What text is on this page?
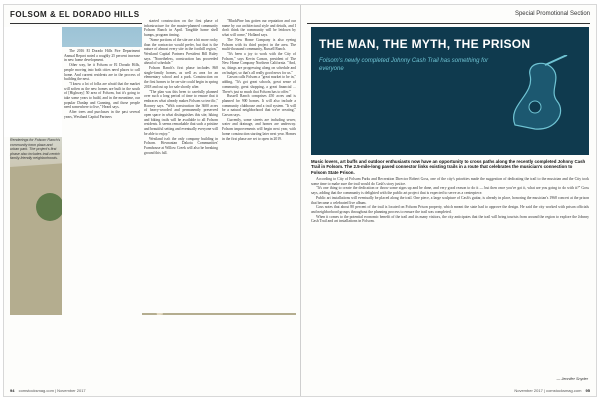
FOLSOM & EL DORADO HILLS
Renderings for Folsom Ranch's community town plaza and urban park. The project's first phase also includes trail-centric family-friendly neighborhoods.

The 2016 El Dorado Hills Fire Department Annual Report noted a roughly 25 percent increase in new home development.

Other way, be it Folsom or El Dorado Hills, people moving into both cities need places to call home. And current residents are in the process of building the next.

"I know a lot of folks are afraid that the market will soften as the new homes are built in the south of [Highway] 50 area of Folsom, but it's going to take some years to build, and in the meantime, our popular Dunlap and Gunning, and those people need somewhere to live," Heard says.

After trees and purchases in the past several years, Westland Capital Partners

started construction on the first phase of infrastructure for the master-planned community Folsom Ranch in April. Tangible home shell bumps, program timing.

"Some portions of the site are a bit more rocky than the contractor would prefer, but that is the nature of almost every site in the foothill region," Westland Capital Partners President Bill Ruley says. "Nonetheless, construction has proceeded ahead of schedule."

Folsom Ranch's first phase includes 868 single-family homes, as well as area for an elementary school and a park. Construction on the first homes to be on-site could begin in spring 2018 and out up for sale shortly after.

"The plan was this been to carefully planned over such a long period of time to ensure that it embraces what already makes Folsom so terrific," Rooney says. "With construction the 3600 acres of heavy-wooded and permanently preserved open space in what distinguishes this site, hiking and biking trails will be available to all Folsom residents. It seems remarkable that such a pristine and beautiful setting and eventually everyone will be able to enjoy."

Westland isn't the only company building in Folsom. Hovnanian Dakota Communities' Farmhouse at Willow Creek will also be breaking ground this fall.

"BlackPine has gotten our reputation and our name by our architectural style and details, and I don't think the community will be letdown by what will come," Holland says.

The New Home Company is also eyeing Folsom with its third project in the area. The multi-thousand community, Russell Ranch.

"It's been a joy to work with the City of Folsom," says Kevin Carson, president of The New Home Company Northern California. "And, so, things are progressing along on schedule and on budget, so that's all really good news for us."

Carson calls Folsom a "great market to be in," adding, "It's got great schools, great sense of community, great shopping, a great financial ... There's just so much that Folsom has to offer."

Russell Ranch comprises 450 acres and is planned for 900 homes. It will also include a community clubhouse and a trail system. "It will be a natural neighborhood that we're creating," Carson says.

Currently, some streets are including sewer, water and drainage, and homes are underway. Folsom improvements will begin next year, with home construction starting later next year. Homes in the first phase are set to open in 2019.

94 comstocksmag.com | November 2017
Special Promotional Section
THE MAN, THE MYTH, THE PRISON
Folsom's newly completed Johnny Cash Trail has something for everyone
Music lovers, art buffs and outdoor enthusiasts now have an opportunity to cross paths along the recently completed Johnny Cash Trail in Folsom. The 2.5-mile-long paved connector links existing trails in a route that celebrates the musician's connection to Folsom State Prison.

According to City of Folsom Parks and Recreation Director Robert Goss, one of the city's priorities made the suggestion of dedicating the trail to the musician and the City took some time to make sure the trail would do Cash's story justice.

"It's one thing to create the dedication or throw some signs up and be done, and very good reason to do it — but then once you've got it, what are you going to do with it?" Goss says, adding that the community is delighted with the public art project that is expected to serve as a centerpiece.

Public art installations will eventually be placed along the trail. One piece, a large sculpture of Cash's guitar, is already in place, honoring the musician's 1968 concert at the prison that became a celebrated live album.

Goss notes that about 80 percent of the trail is located on Folsom Prison property, which meant the state had to approve the design. He said the city worked with prison officials and neighborhood groups throughout the planning process to ensure the trail was completed.

When it comes to the potential economic benefit of the trail and its many visitors, the city anticipates that the trail will bring tourists from around the region to explore the Johnny Cash Trail and art installations in Folsom.

— Jennifer Snyder
November 2017 | comstocksmag.com 95
